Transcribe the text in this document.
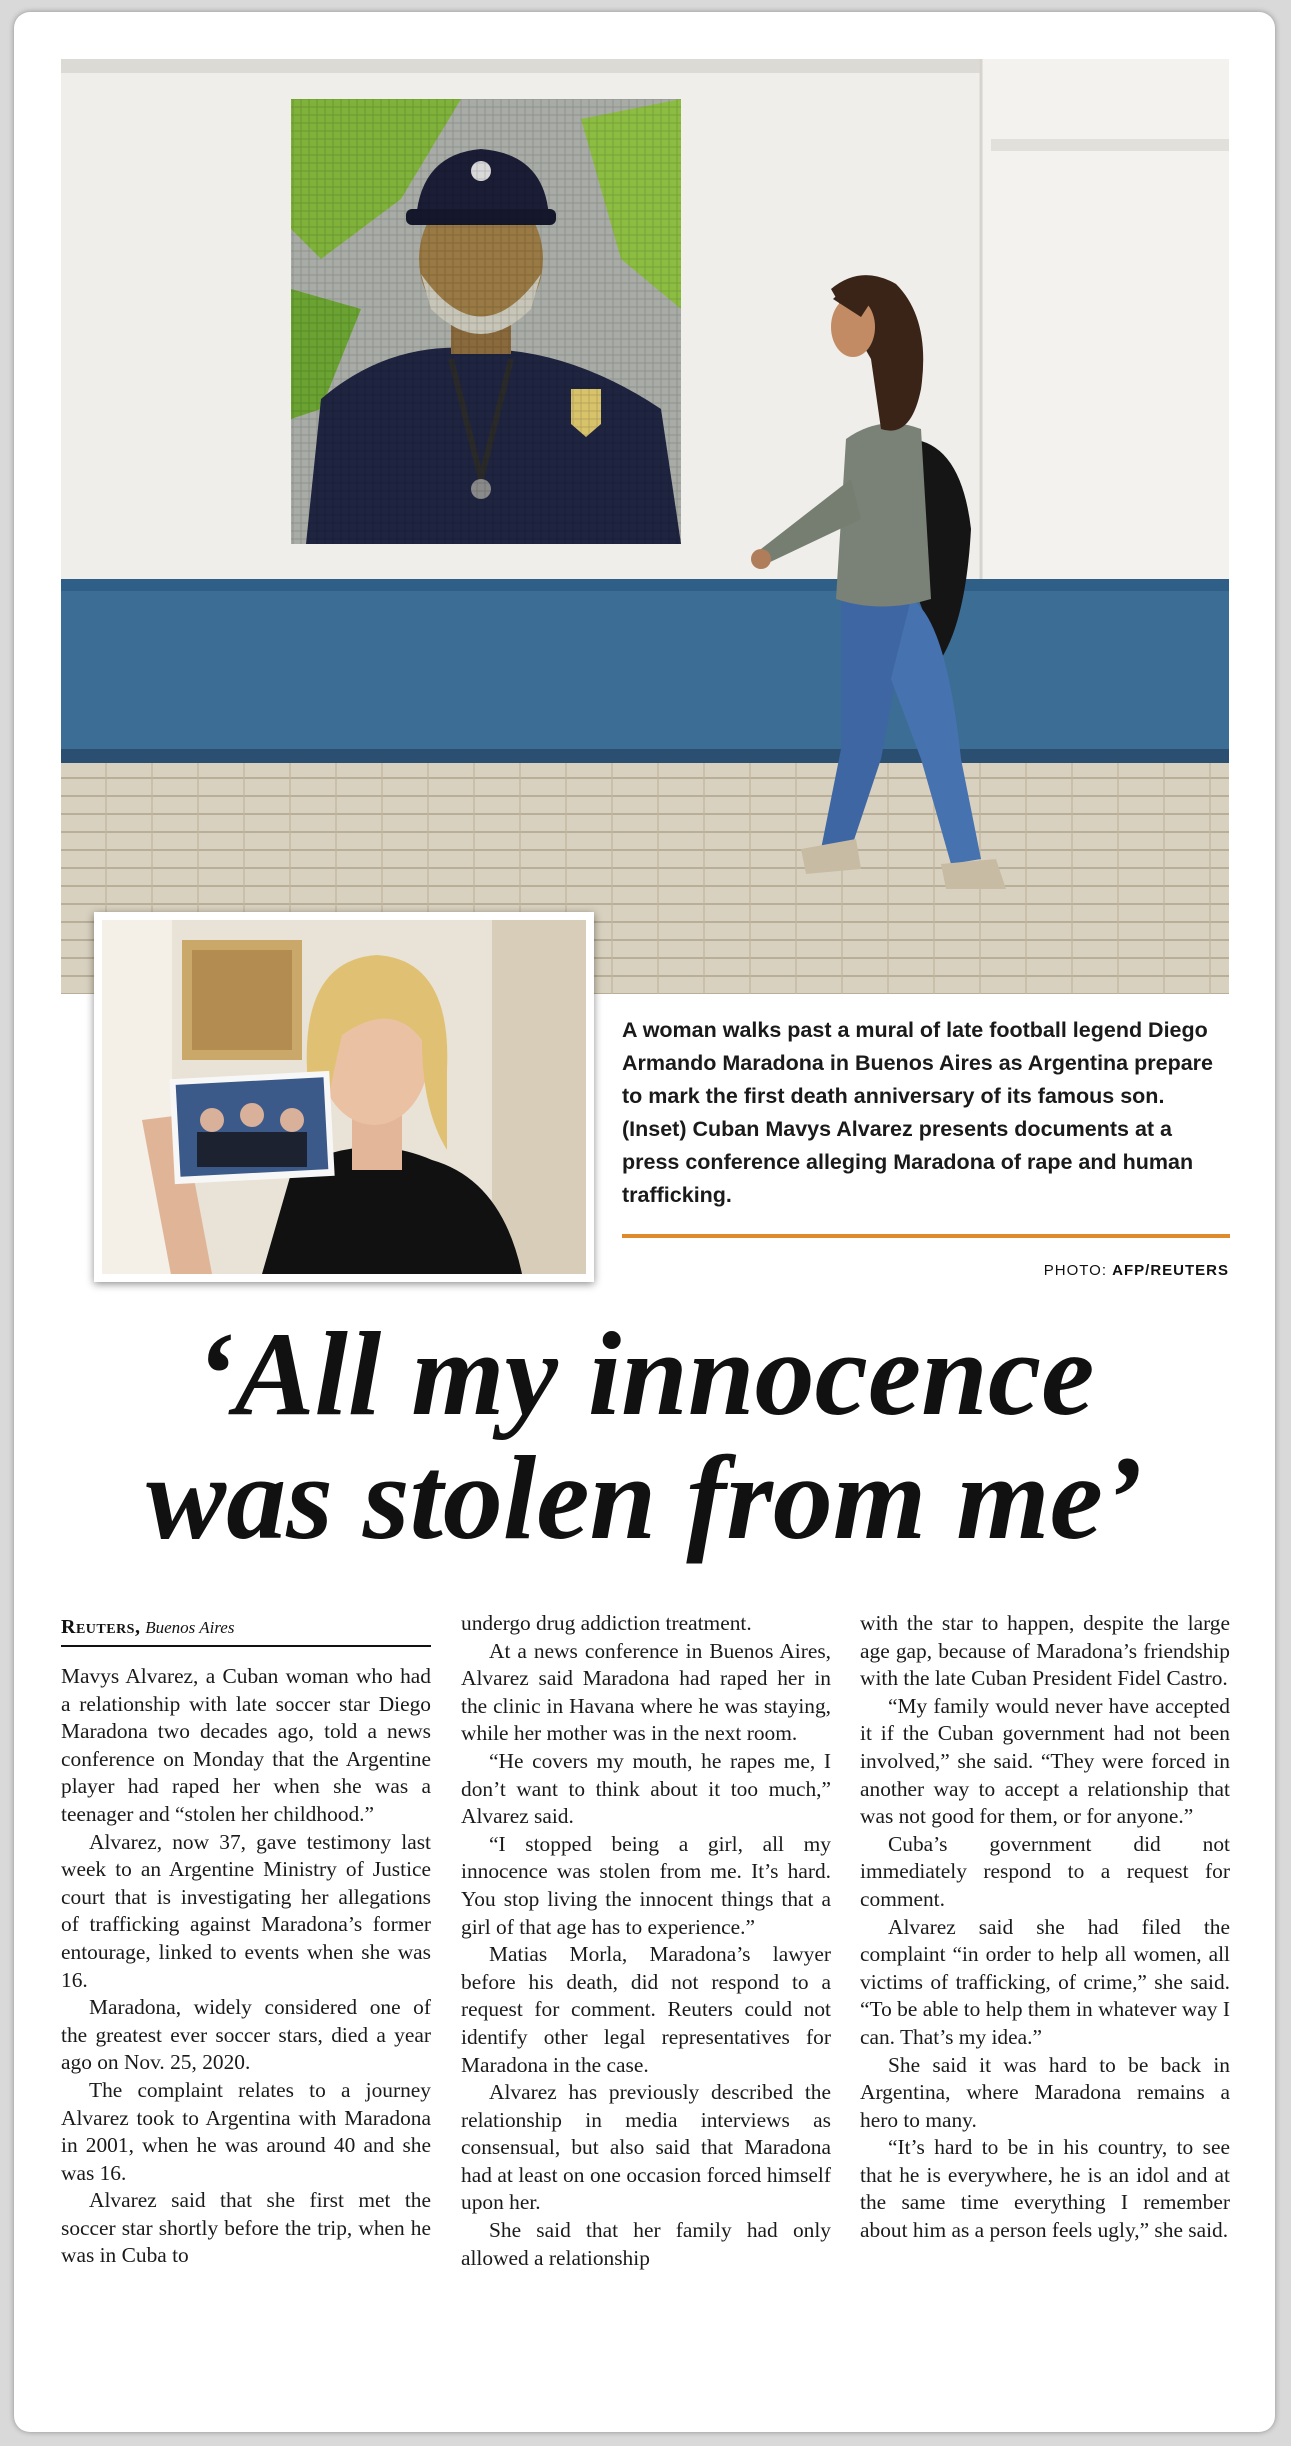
A woman walks past a mural of late football legend Diego Armando Maradona in Buenos Aires as Argentina prepare to mark the first death anniversary of its famous son. (Inset) Cuban Mavys Alvarez presents documents at a press conference alleging Maradona of rape and human trafficking.

PHOTO: AFP/REUTERS
‘All my innocence
was stolen from me’
Reuters, Buenos Aires

Mavys Alvarez, a Cuban woman who had a relationship with late soccer star Diego Maradona two decades ago, told a news conference on Monday that the Argentine player had raped her when she was a teenager and “stolen her childhood.”

Alvarez, now 37, gave testimony last week to an Argentine Ministry of Justice court that is investigating her allegations of trafficking against Maradona’s former entourage, linked to events when she was 16.

Maradona, widely considered one of the greatest ever soccer stars, died a year ago on Nov. 25, 2020.

The complaint relates to a journey Alvarez took to Argentina with Maradona in 2001, when he was around 40 and she was 16.

Alvarez said that she first met the soccer star shortly before the trip, when he was in Cuba to

undergo drug addiction treatment.

At a news conference in Buenos Aires, Alvarez said Maradona had raped her in the clinic in Havana where he was staying, while her mother was in the next room.

“He covers my mouth, he rapes me, I don’t want to think about it too much,” Alvarez said.

“I stopped being a girl, all my innocence was stolen from me. It’s hard. You stop living the innocent things that a girl of that age has to experience.”

Matias Morla, Maradona’s lawyer before his death, did not respond to a request for comment. Reuters could not identify other legal representatives for Maradona in the case.

Alvarez has previously described the relationship in media interviews as consensual, but also said that Maradona had at least on one occasion forced himself upon her.

She said that her family had only allowed a relationship

with the star to happen, despite the large age gap, because of Maradona’s friendship with the late Cuban President Fidel Castro.

“My family would never have accepted it if the Cuban government had not been involved,” she said. “They were forced in another way to accept a relationship that was not good for them, or for anyone.”

Cuba’s government did not immediately respond to a request for comment.

Alvarez said she had filed the complaint “in order to help all women, all victims of trafficking, of crime,” she said. “To be able to help them in whatever way I can. That’s my idea.”

She said it was hard to be back in Argentina, where Maradona remains a hero to many.

“It’s hard to be in his country, to see that he is everywhere, he is an idol and at the same time everything I remember about him as a person feels ugly,” she said.
